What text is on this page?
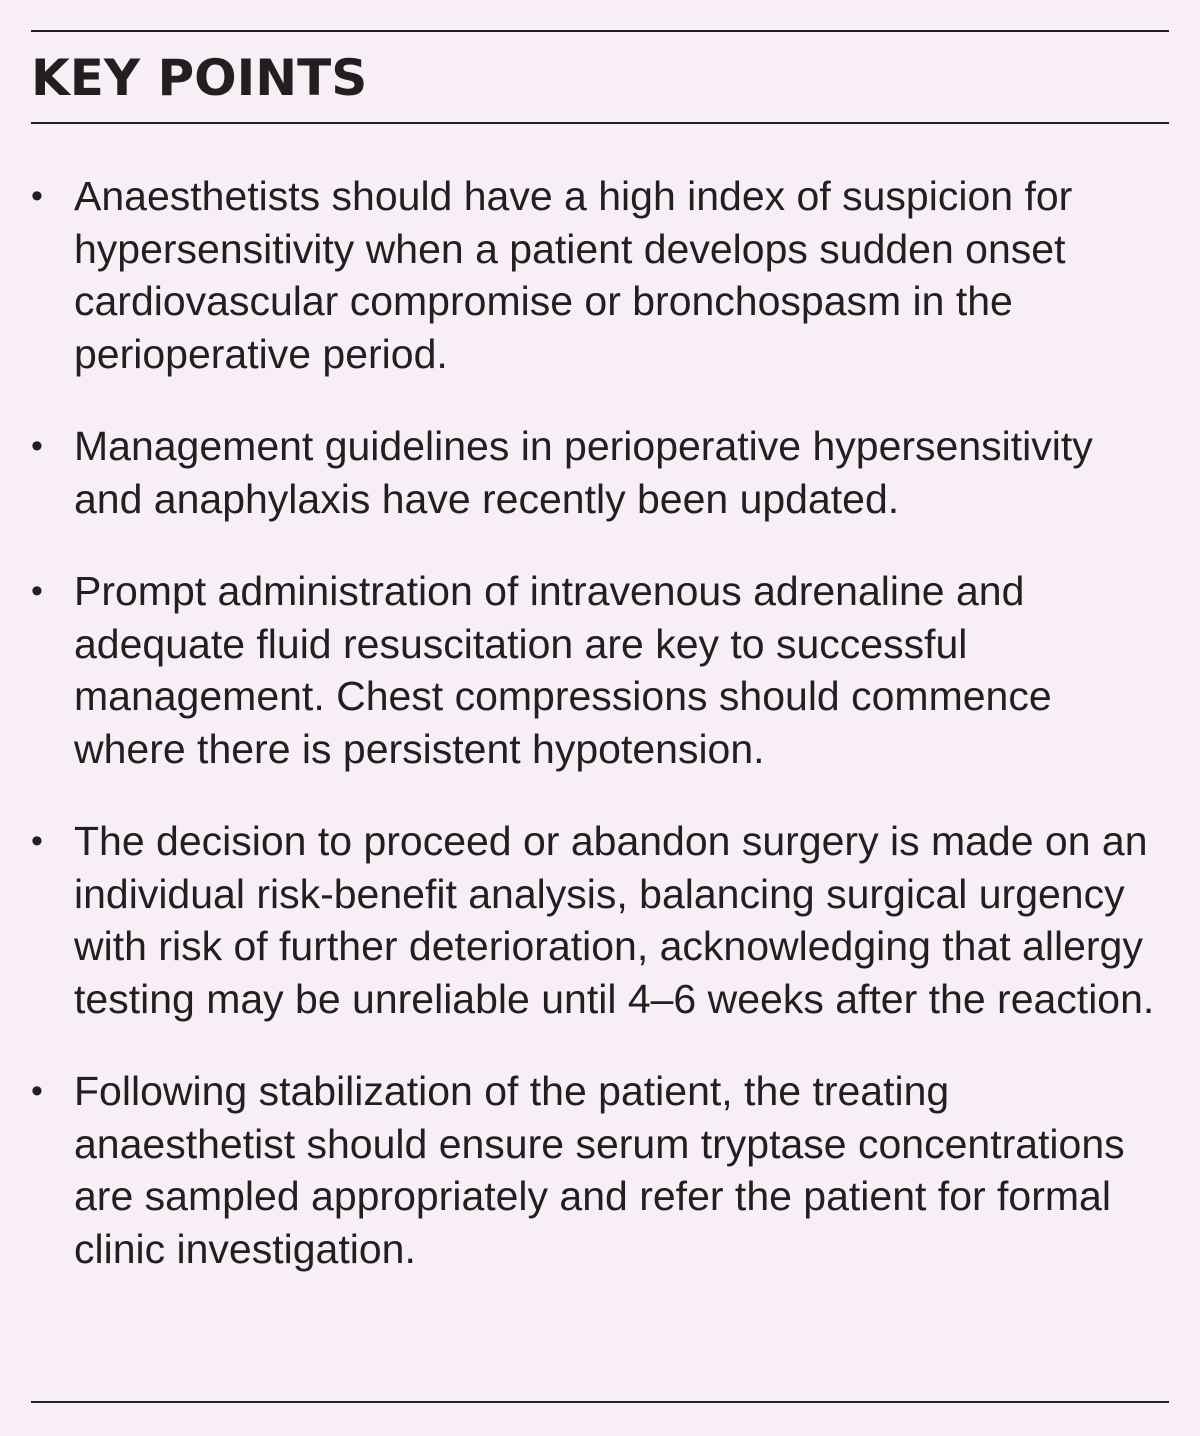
KEY POINTS
• Anaesthetists should have a high index of suspicion for hypersensitivity when a patient develops sudden onset cardiovascular compromise or bronchospasm in the perioperative period.
• Management guidelines in perioperative hypersensitivity and anaphylaxis have recently been updated.
• Prompt administration of intravenous adrenaline and adequate fluid resuscitation are key to successful management. Chest compressions should commence where there is persistent hypotension.
• The decision to proceed or abandon surgery is made on an individual risk-benefit analysis, balancing surgical urgency with risk of further deterioration, acknowledging that allergy testing may be unreliable until 4–6 weeks after the reaction.
• Following stabilization of the patient, the treating anaesthetist should ensure serum tryptase concentrations are sampled appropriately and refer the patient for formal clinic investigation.
